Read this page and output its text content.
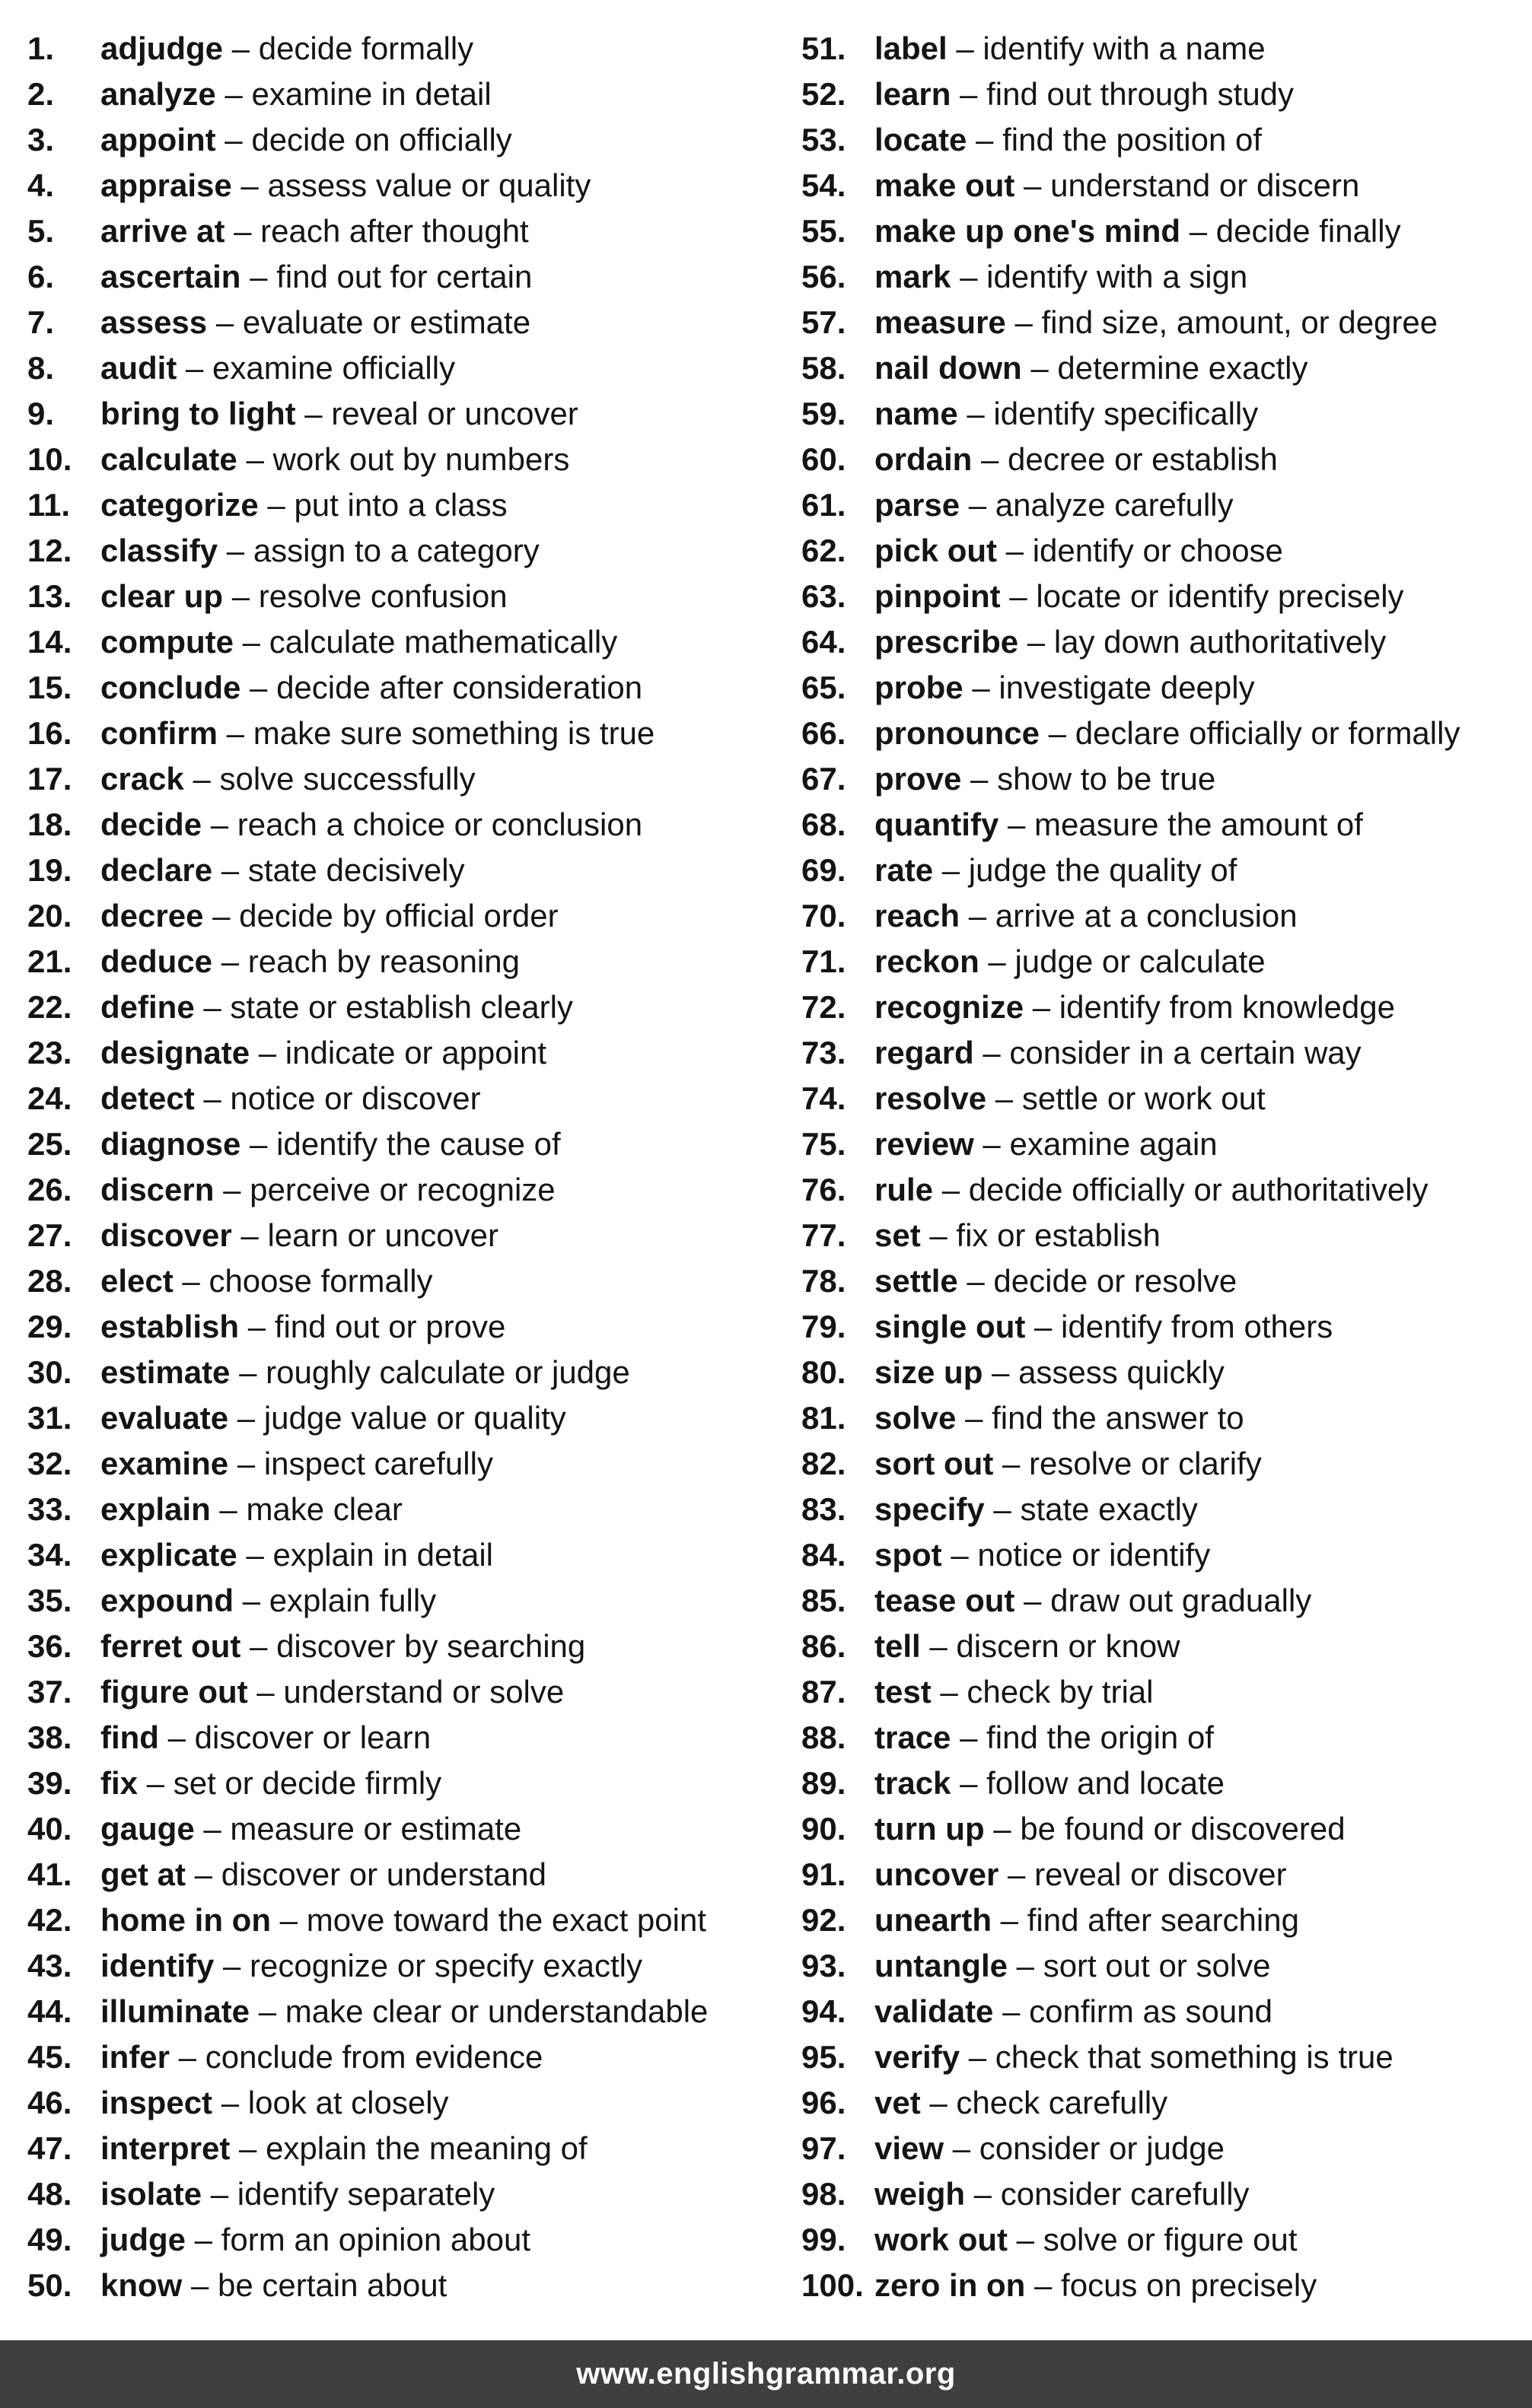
1. adjudge – decide formally
2. analyze – examine in detail
3. appoint – decide on officially
4. appraise – assess value or quality
5. arrive at – reach after thought
6. ascertain – find out for certain
7. assess – evaluate or estimate
8. audit – examine officially
9. bring to light – reveal or uncover
10. calculate – work out by numbers
11. categorize – put into a class
12. classify – assign to a category
13. clear up – resolve confusion
14. compute – calculate mathematically
15. conclude – decide after consideration
16. confirm – make sure something is true
17. crack – solve successfully
18. decide – reach a choice or conclusion
19. declare – state decisively
20. decree – decide by official order
21. deduce – reach by reasoning
22. define – state or establish clearly
23. designate – indicate or appoint
24. detect – notice or discover
25. diagnose – identify the cause of
26. discern – perceive or recognize
27. discover – learn or uncover
28. elect – choose formally
29. establish – find out or prove
30. estimate – roughly calculate or judge
31. evaluate – judge value or quality
32. examine – inspect carefully
33. explain – make clear
34. explicate – explain in detail
35. expound – explain fully
36. ferret out – discover by searching
37. figure out – understand or solve
38. find – discover or learn
39. fix – set or decide firmly
40. gauge – measure or estimate
41. get at – discover or understand
42. home in on – move toward the exact point
43. identify – recognize or specify exactly
44. illuminate – make clear or understandable
45. infer – conclude from evidence
46. inspect – look at closely
47. interpret – explain the meaning of
48. isolate – identify separately
49. judge – form an opinion about
50. know – be certain about
51. label – identify with a name
52. learn – find out through study
53. locate – find the position of
54. make out – understand or discern
55. make up one's mind – decide finally
56. mark – identify with a sign
57. measure – find size, amount, or degree
58. nail down – determine exactly
59. name – identify specifically
60. ordain – decree or establish
61. parse – analyze carefully
62. pick out – identify or choose
63. pinpoint – locate or identify precisely
64. prescribe – lay down authoritatively
65. probe – investigate deeply
66. pronounce – declare officially or formally
67. prove – show to be true
68. quantify – measure the amount of
69. rate – judge the quality of
70. reach – arrive at a conclusion
71. reckon – judge or calculate
72. recognize – identify from knowledge
73. regard – consider in a certain way
74. resolve – settle or work out
75. review – examine again
76. rule – decide officially or authoritatively
77. set – fix or establish
78. settle – decide or resolve
79. single out – identify from others
80. size up – assess quickly
81. solve – find the answer to
82. sort out – resolve or clarify
83. specify – state exactly
84. spot – notice or identify
85. tease out – draw out gradually
86. tell – discern or know
87. test – check by trial
88. trace – find the origin of
89. track – follow and locate
90. turn up – be found or discovered
91. uncover – reveal or discover
92. unearth – find after searching
93. untangle – sort out or solve
94. validate – confirm as sound
95. verify – check that something is true
96. vet – check carefully
97. view – consider or judge
98. weigh – consider carefully
99. work out – solve or figure out
100. zero in on – focus on precisely
www.englishgrammar.org
